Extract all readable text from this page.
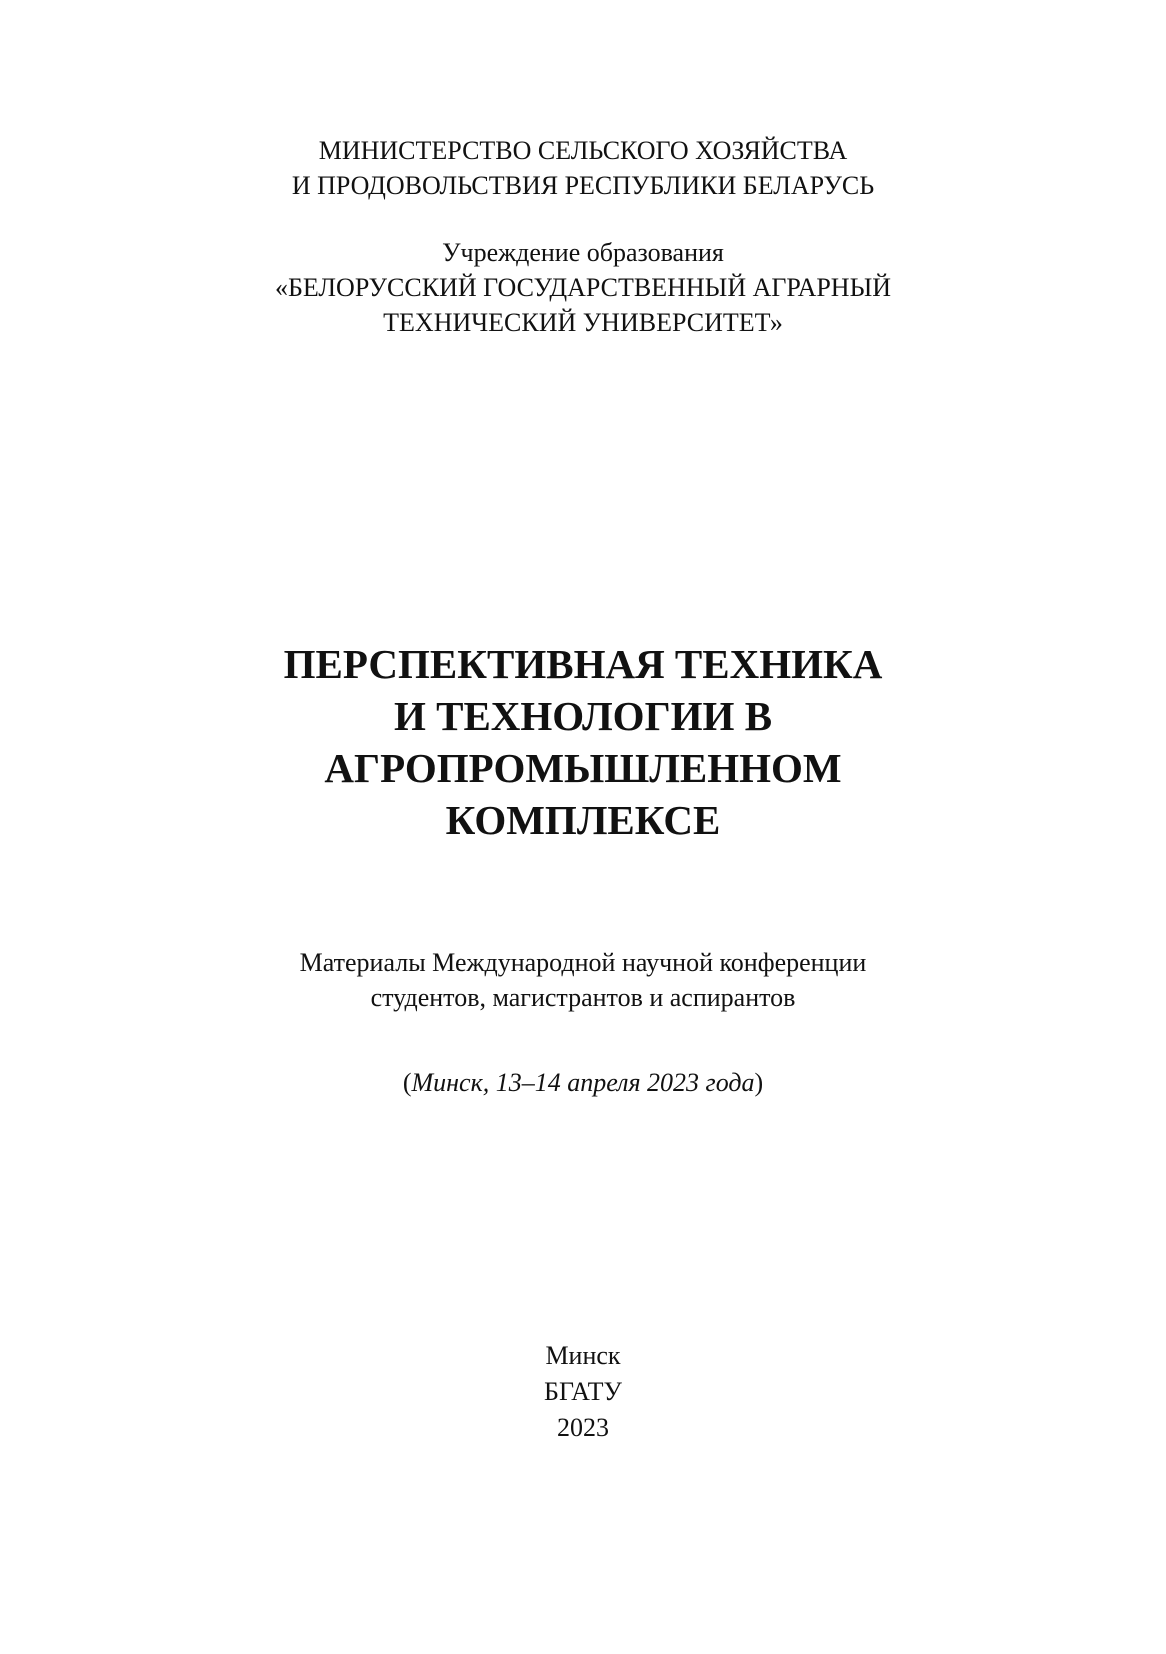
МИНИСТЕРСТВО СЕЛЬСКОГО ХОЗЯЙСТВА
И ПРОДОВОЛЬСТВИЯ РЕСПУБЛИКИ БЕЛАРУСЬ
Учреждение образования
«БЕЛОРУССКИЙ ГОСУДАРСТВЕННЫЙ АГРАРНЫЙ
ТЕХНИЧЕСКИЙ УНИВЕРСИТЕТ»
ПЕРСПЕКТИВНАЯ ТЕХНИКА
И ТЕХНОЛОГИИ В
АГРОПРОМЫШЛЕННОМ
КОМПЛЕКСЕ
Материалы Международной научной конференции
студентов, магистрантов и аспирантов
(Минск, 13–14 апреля 2023 года)
Минск
БГАТУ
2023
